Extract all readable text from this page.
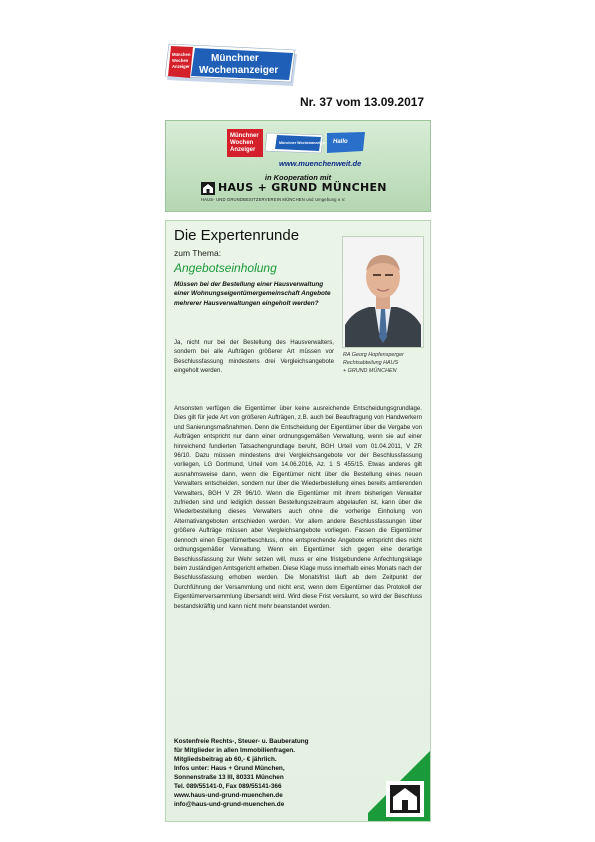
München
Wochen
Anzeiger
Münchner
Wochenanzeiger
Nr. 37 vom 13.09.2017
Münchner
Wochen
Anzeiger
Münchner Wochenanzeiger Hallo
www.muenchenweit.de
in Kooperation mit
HAUS + GRUND MÜNCHEN
HAUS- UND GRUNDBESITZERVEREIN MÜNCHEN und Umgebung e.V.
Die Expertenrunde
zum Thema:
Angebotseinholung
Müssen bei der Bestellung einer Hausverwaltung einer Wohnungseigentümergemeinschaft Angebote mehrerer Hausverwaltungen eingeholt werden?
RA Georg Hopfensperger
Rechtsabteilung HAUS
+ GRUND MÜNCHEN
Ja, nicht nur bei der Bestellung des Hausverwalters, sondern bei alle Aufträgen größerer Art müssen vor Beschlussfassung mindestens drei Vergleichsangebote eingeholt werden.
Ansonsten verfügen die Eigentümer über keine ausreichende Entscheidungsgrundlage. Dies gilt für jede Art von größeren Aufträgen, z.B. auch bei Beauftragung von Handwerkern und Sanierungsmaßnahmen. Denn die Entscheidung der Eigentümer über die Vergabe von Aufträgen entspricht nur dann einer ordnungsgemäßen Verwaltung, wenn sie auf einer hinreichend fundierten Tatsachengrundlage beruht, BGH Urteil vom 01.04.2011, V ZR 96/10. Dazu müssen mindestens drei Vergleichsangebote vor der Beschlussfassung vorliegen, LG Dortmund, Urteil vom 14.06.2016, Az. 1 S 455/15. Etwas anderes gilt ausnahmsweise dann, wenn die Eigentümer nicht über die Bestellung eines neuen Verwalters entscheiden, sondern nur über die Wiederbestellung eines bereits amtierenden Verwalters, BGH V ZR 96/10. Wenn die Eigentümer mit ihrem bisherigen Verwalter zufrieden sind und lediglich dessen Bestellungszeitraum abgelaufen ist, kann über die Wiederbestellung dieses Verwalters auch ohne die vorherige Einholung von Alternativangeboten entschieden werden. Vor allem andere Beschlussfassungen über größere Aufträge müssen aber Vergleichsangebote vorliegen. Fassen die Eigentümer dennoch einen Eigentümerbeschluss, ohne entsprechende Angebote entspricht dies nicht ordnungsgemäßer Verwaltung. Wenn ein Eigentümer sich gegen eine derartige Beschlussfassung zur Wehr setzen will, muss er eine fristgebundene Anfechtungsklage beim zuständigen Amtsgericht erheben. Diese Klage muss innerhalb eines Monats nach der Beschlussfassung erhoben werden. Die Monatsfrist läuft ab dem Zeitpunkt der Durchführung der Versammlung und nicht erst, wenn dem Eigentümer das Protokoll der Eigentümerversammlung übersandt wird. Wird diese Frist versäumt, so wird der Beschluss bestandskräftig und kann nicht mehr beanstandet werden.
Kostenfreie Rechts-, Steuer- u. Bauberatung
für Mitglieder in allen Immobilienfragen.
Mitgliedsbeitrag ab 60,- € jährlich.
Infos unter: Haus + Grund München,
Sonnenstraße 13 III, 80331 München
Tel. 089/55141-0, Fax 089/55141-366
www.haus-und-grund-muenchen.de
info@haus-und-grund-muenchen.de
